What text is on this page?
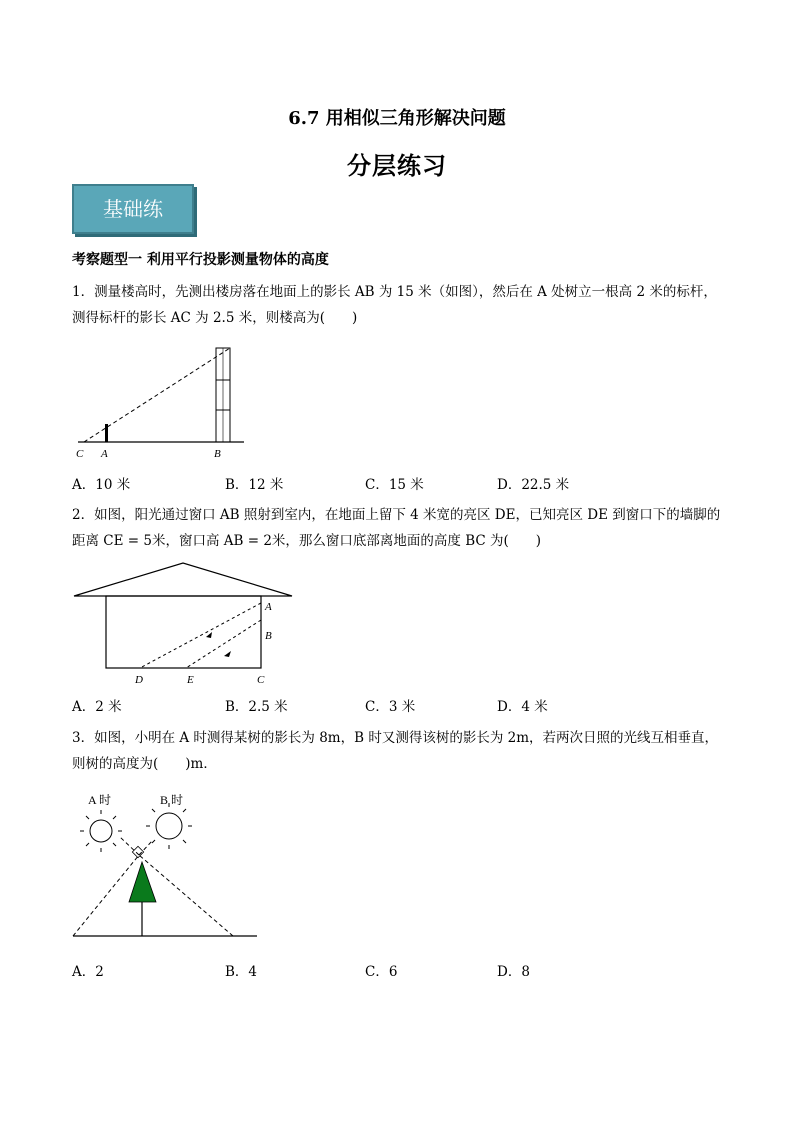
6.7 用相似三角形解决问题
分层练习
基础练
考察题型一 利用平行投影测量物体的高度
1．测量楼高时，先测出楼房落在地面上的影长 AB 为 15 米（如图），然后在 A 处树立一根高 2 米的标杆，
测得标杆的影长 AC 为 2.5 米，则楼高为(　　)
C A	B
A
B
D	E	C
A 时	B 时
A．10 米	B．12 米	C．15 米	D．22.5 米
2．如图，阳光通过窗口 AB 照射到室内，在地面上留下 4 米宽的亮区 DE，已知亮区 DE 到窗口下的墙脚的
距离 CE = 5米，窗口高 AB = 2米，那么窗口底部离地面的高度 BC 为(　　)
A．2 米	B．2.5 米	C．3 米	D．4 米
3．如图，小明在 A 时测得某树的影长为 8m，B 时又测得该树的影长为 2m，若两次日照的光线互相垂直，
则树的高度为(　　)m．
A．2	B．4	C．6	D．8
